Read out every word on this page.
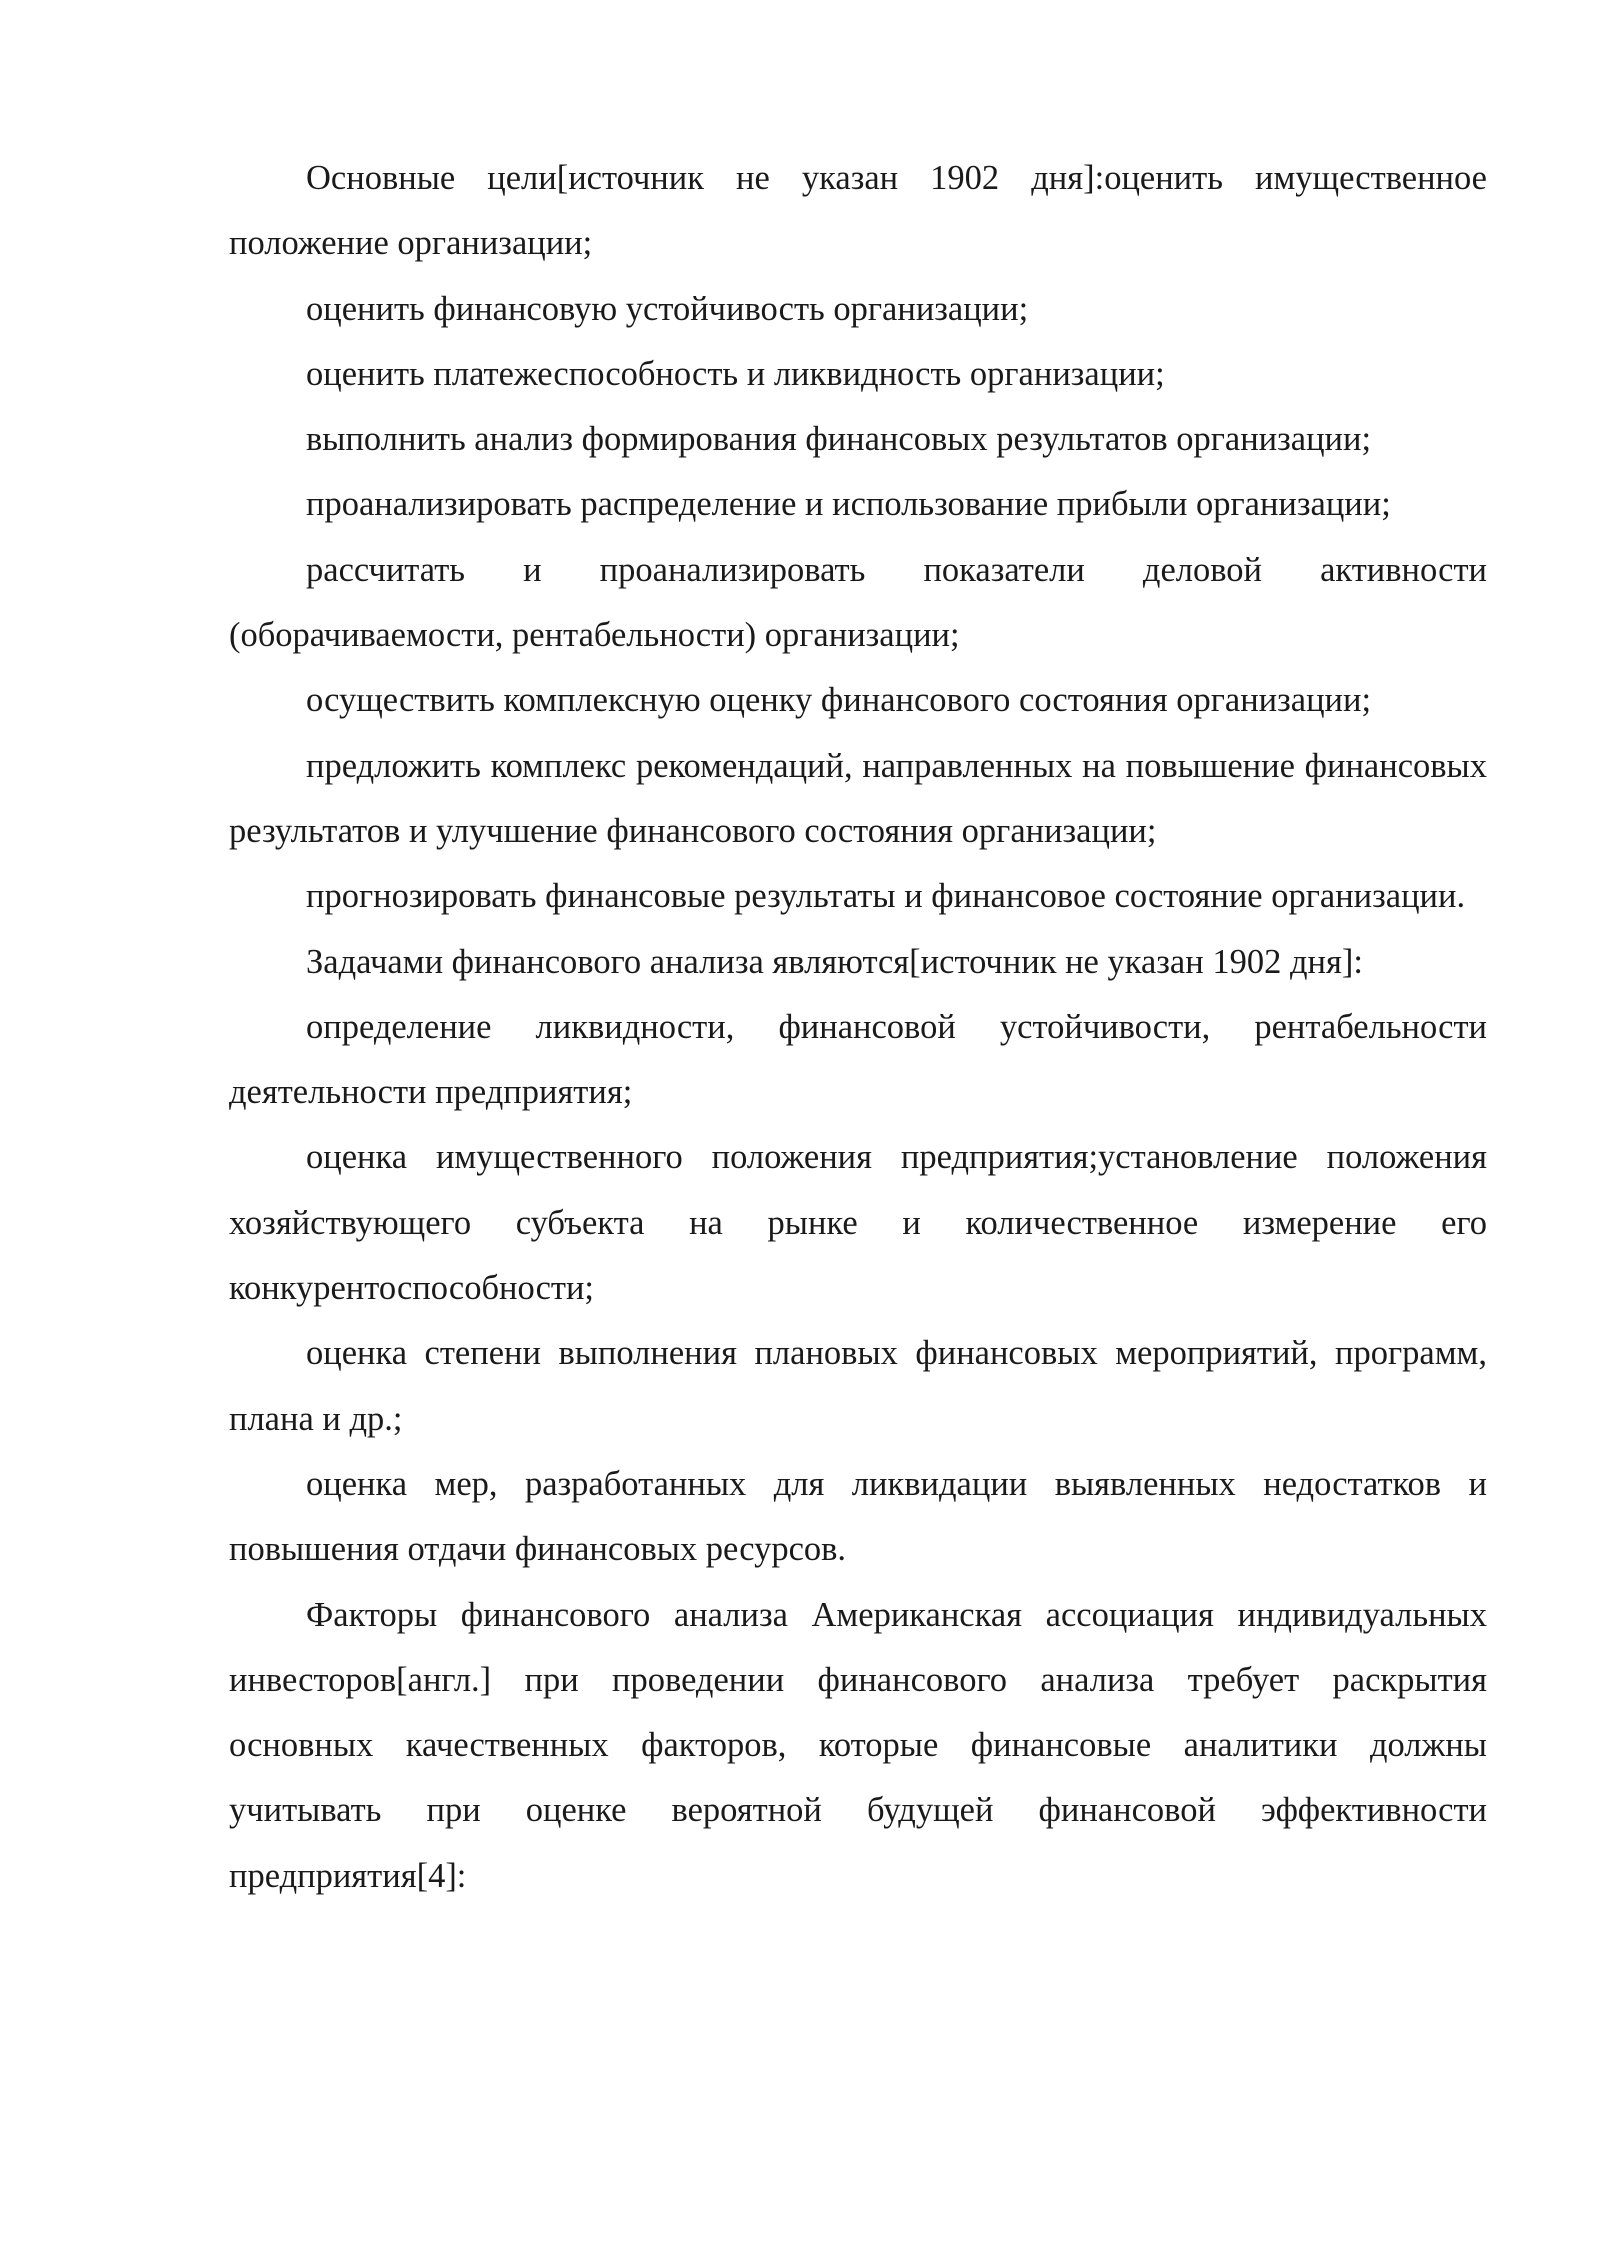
Основные цели[источник не указан 1902 дня]:оценить имущественное положение организации;

оценить финансовую устойчивость организации;

оценить платежеспособность и ликвидность организации;

выполнить анализ формирования финансовых результатов организации;

проанализировать распределение и использование прибыли организации;

рассчитать и проанализировать показатели деловой активности (оборачиваемости, рентабельности) организации;

осуществить комплексную оценку финансового состояния организации;

предложить комплекс рекомендаций, направленных на повышение финансовых результатов и улучшение финансового состояния организации;

прогнозировать финансовые результаты и финансовое состояние организации.

Задачами финансового анализа являются[источник не указан 1902 дня]:

определение ликвидности, финансовой устойчивости, рентабельности деятельности предприятия;

оценка имущественного положения предприятия;установление положения хозяйствующего субъекта на рынке и количественное измерение его конкурентоспособности;

оценка степени выполнения плановых финансовых мероприятий, программ, плана и др.;

оценка мер, разработанных для ликвидации выявленных недостатков и повышения отдачи финансовых ресурсов.

Факторы финансового анализа Американская ассоциация индивидуальных инвесторов[англ.] при проведении финансового анализа требует раскрытия основных качественных факторов, которые финансовые аналитики должны учитывать при оценке вероятной будущей финансовой эффективности предприятия[4]:
